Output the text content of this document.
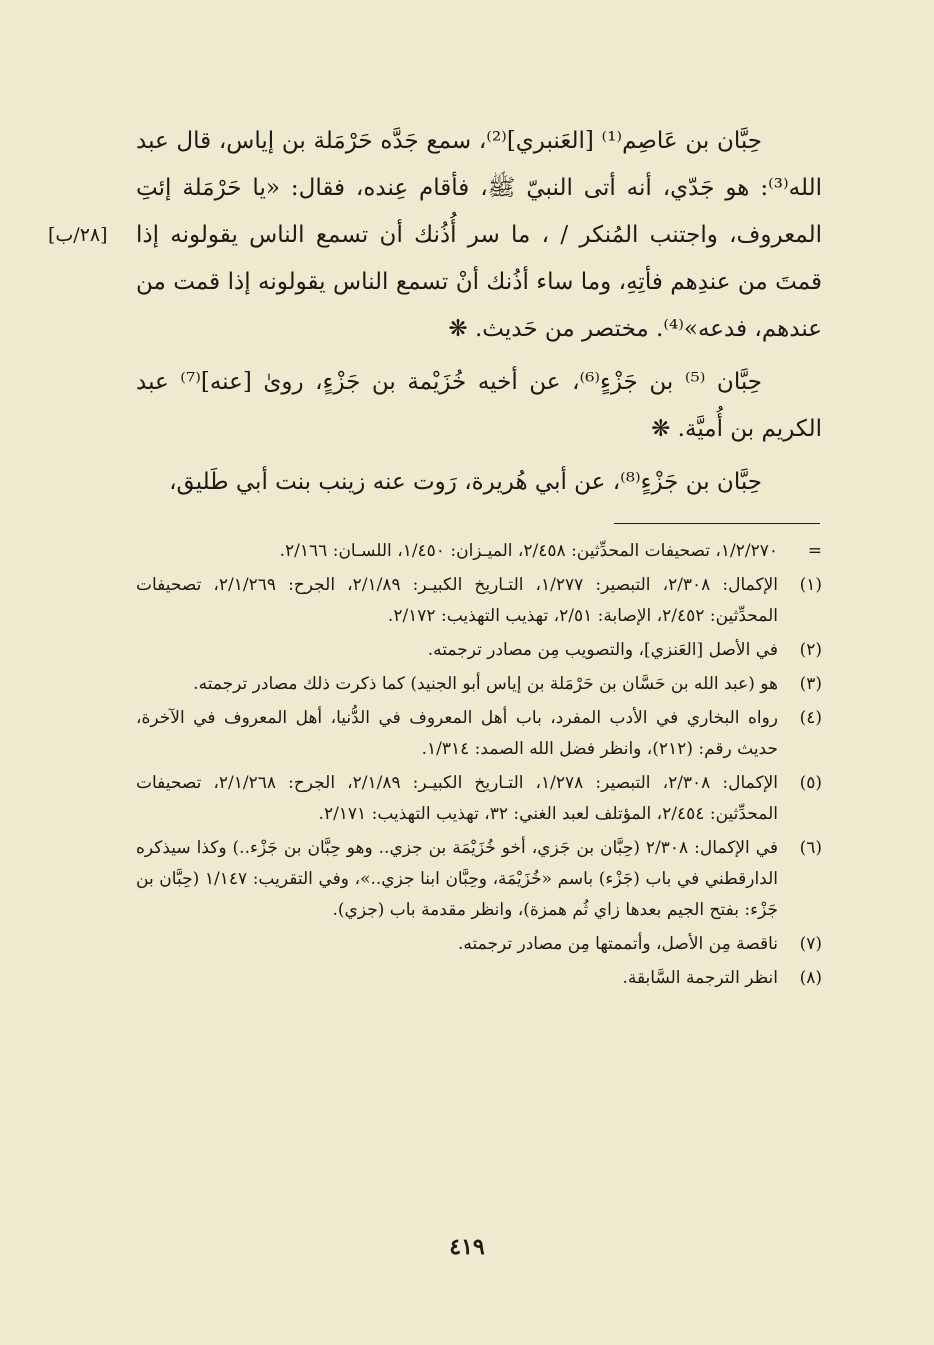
[٢٨/ب]

حِبَّان بن عَاصِم⁽¹⁾ [العَنبري]⁽²⁾، سمع جَدَّه حَرْمَلة بن إياس، قال عبد الله⁽³⁾: هو جَدّي، أنه أتى النبيّ ﷺ، فأقام عِنده، فقال: «يا حَرْمَلة إئتِ المعروف، واجتنب المُنكر / ، ما سر أُذُنك أن تسمع الناس يقولونه إذا قمتَ من عندِهم فأتِهِ، وما ساء أذُنك أنْ تسمع الناس يقولونه إذا قمت من عندهم، فدعه»⁽⁴⁾. مختصر من حَديث. ❋

حِبَّان ⁽⁵⁾ بن جَزْءٍ⁽⁶⁾، عن أخيه خُزَيْمة بن جَزْءٍ، روىٰ [عنه]⁽⁷⁾ عبد الكريم بن أُميَّة. ❋

حِبَّان بن جَزْءٍ⁽⁸⁾، عن أبي هُريرة، رَوت عنه زينب بنت أبي طَليق،

=
١/٢/٢٧٠، تصحيفات المحدِّثين: ٢/٤٥٨، الميـزان: ١/٤٥٠، اللسـان: ٢/١٦٦.
(١)
الإكمال: ٢/٣٠٨، التبصير: ١/٢٧٧، التـاريخ الكبيـر: ٢/١/٨٩، الجرح: ٢/١/٢٦٩، تصحيفات المحدِّثين: ٢/٤٥٢، الإصابة: ٢/٥١، تهذيب التهذيب: ٢/١٧٢.
(٢)
في الأصل [العَنزي]، والتصويب مِن مصادر ترجمته.
(٣)
هو (عبد الله بن حَسَّان بن حَرْمَلة بن إياس أبو الجنيد) كما ذكرت ذلك مصادر ترجمته.
(٤)
رواه البخاري في الأدب المفرد، باب أهل المعروف في الدُّنيا، أهل المعروف في الآخرة، حديث رقم: (٢١٢)، وانظر فضل الله الصمد: ١/٣١٤.
(٥)
الإكمال: ٢/٣٠٨، التبصير: ١/٢٧٨، التـاريخ الكبيـر: ٢/١/٨٩، الجرح: ٢/١/٢٦٨، تصحيفات المحدِّثين: ٢/٤٥٤، المؤتلف لعبد الغني: ٣٢، تهذيب التهذيب: ٢/١٧١.
(٦)
في الإكمال: ٢/٣٠٨ (حِبَّان بن جَزي، أخو خُزَيْمَة بن جزي.. وهو حِبَّان بن جَزْء..) وكذا سيذكره الدارقطني في باب (جَزْء) باسم «خُزَيْمَة، وحِبَّان ابنا جزي..»، وفي التقريب: ١/١٤٧ (حِبَّان بن جَزْء: بفتح الجيم بعدها زاي ثُم همزة)، وانظر مقدمة باب (جزي).
(٧)
ناقصة مِن الأصل، وأتممتها مِن مصادر ترجمته.
(٨)
انظر الترجمة السَّابقة.
٤١٩
